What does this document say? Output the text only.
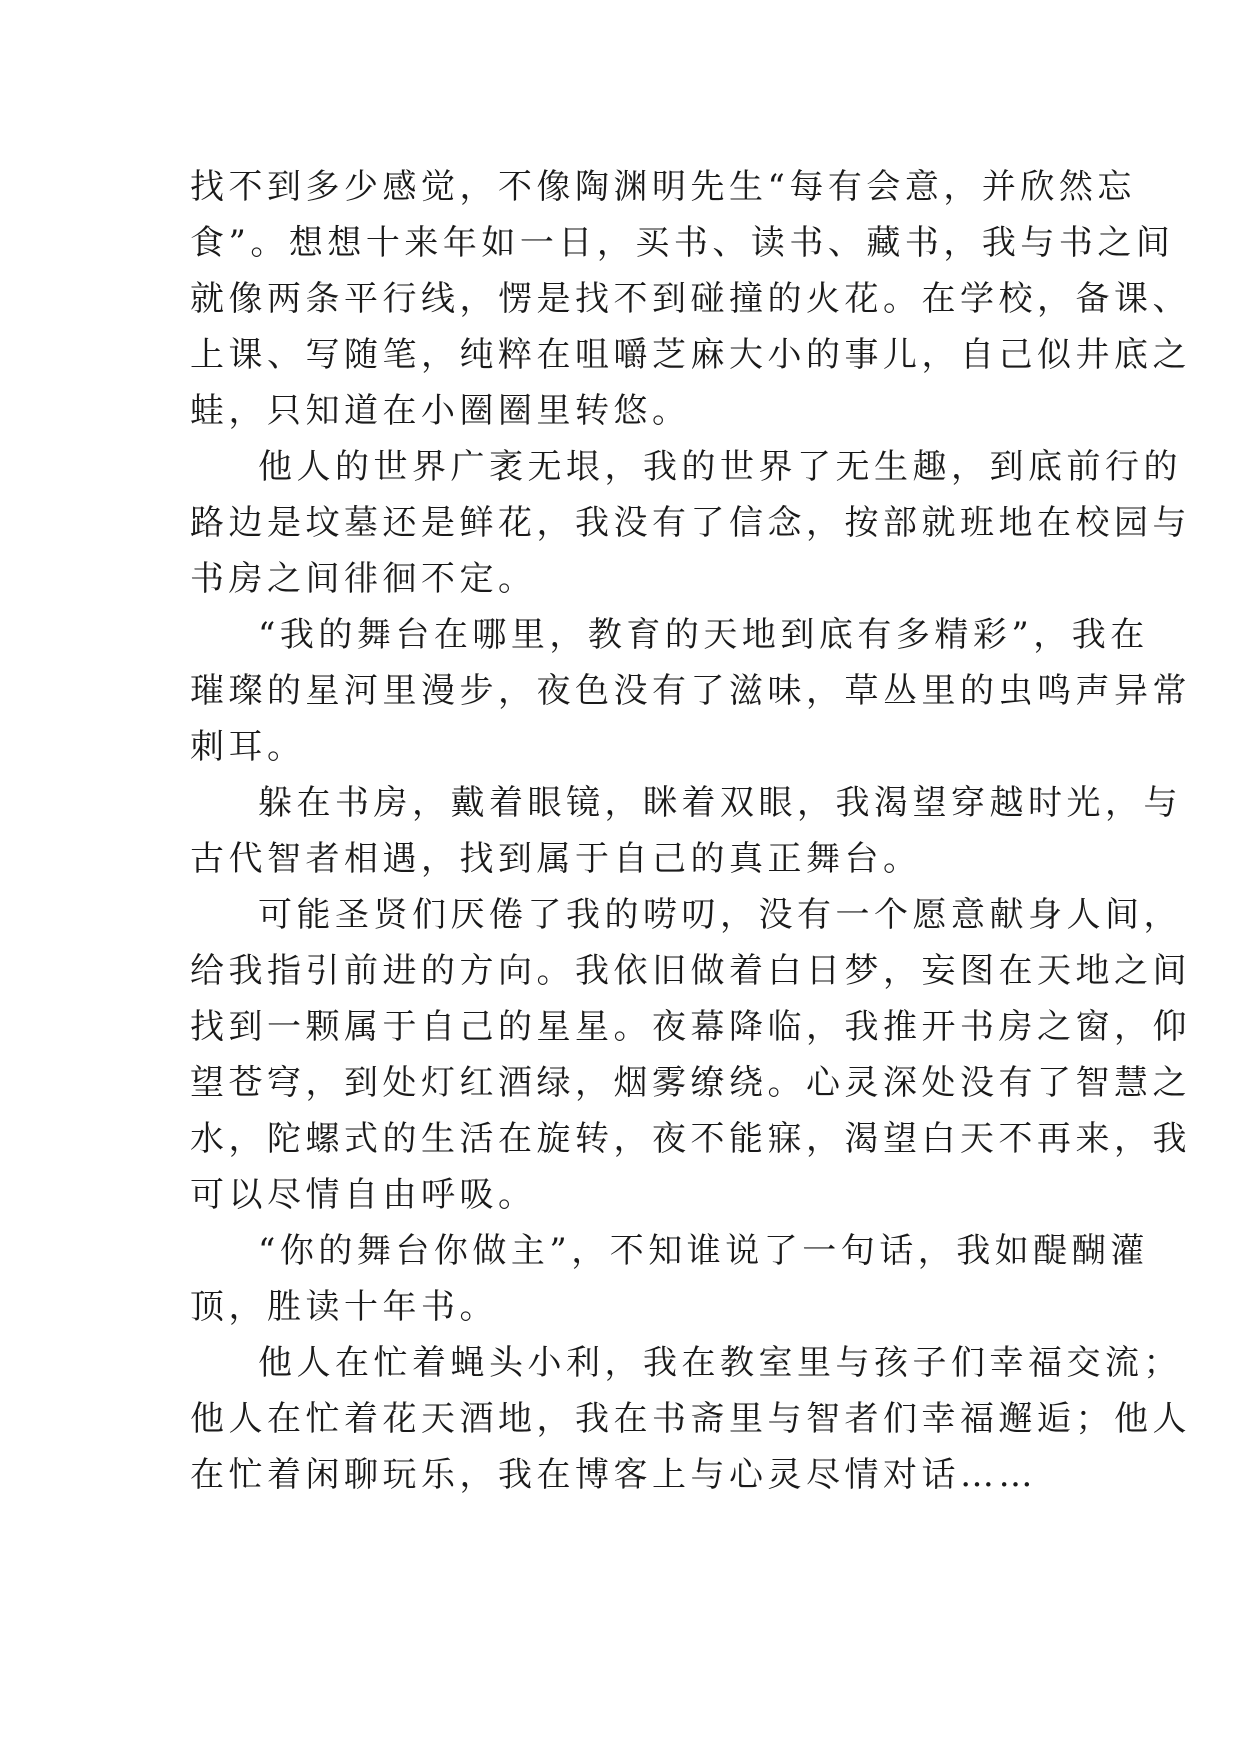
找不到多少感觉，不像陶渊明先生“每有会意，并欣然忘
食”。想想十来年如一日，买书、读书、藏书，我与书之间
就像两条平行线，愣是找不到碰撞的火花。在学校，备课、
上课、写随笔，纯粹在咀嚼芝麻大小的事儿，自己似井底之
蛙，只知道在小圈圈里转悠。
他人的世界广袤无垠，我的世界了无生趣，到底前行的
路边是坟墓还是鲜花，我没有了信念，按部就班地在校园与
书房之间徘徊不定。
“我的舞台在哪里，教育的天地到底有多精彩”，我在
璀璨的星河里漫步，夜色没有了滋味，草丛里的虫鸣声异常
刺耳。
躲在书房，戴着眼镜，眯着双眼，我渴望穿越时光，与
古代智者相遇，找到属于自己的真正舞台。
可能圣贤们厌倦了我的唠叨，没有一个愿意献身人间，
给我指引前进的方向。我依旧做着白日梦，妄图在天地之间
找到一颗属于自己的星星。夜幕降临，我推开书房之窗，仰
望苍穹，到处灯红酒绿，烟雾缭绕。心灵深处没有了智慧之
水，陀螺式的生活在旋转，夜不能寐，渴望白天不再来，我
可以尽情自由呼吸。
“你的舞台你做主”，不知谁说了一句话，我如醍醐灌
顶，胜读十年书。
他人在忙着蝇头小利，我在教室里与孩子们幸福交流；
他人在忙着花天酒地，我在书斋里与智者们幸福邂逅；他人
在忙着闲聊玩乐，我在博客上与心灵尽情对话……
